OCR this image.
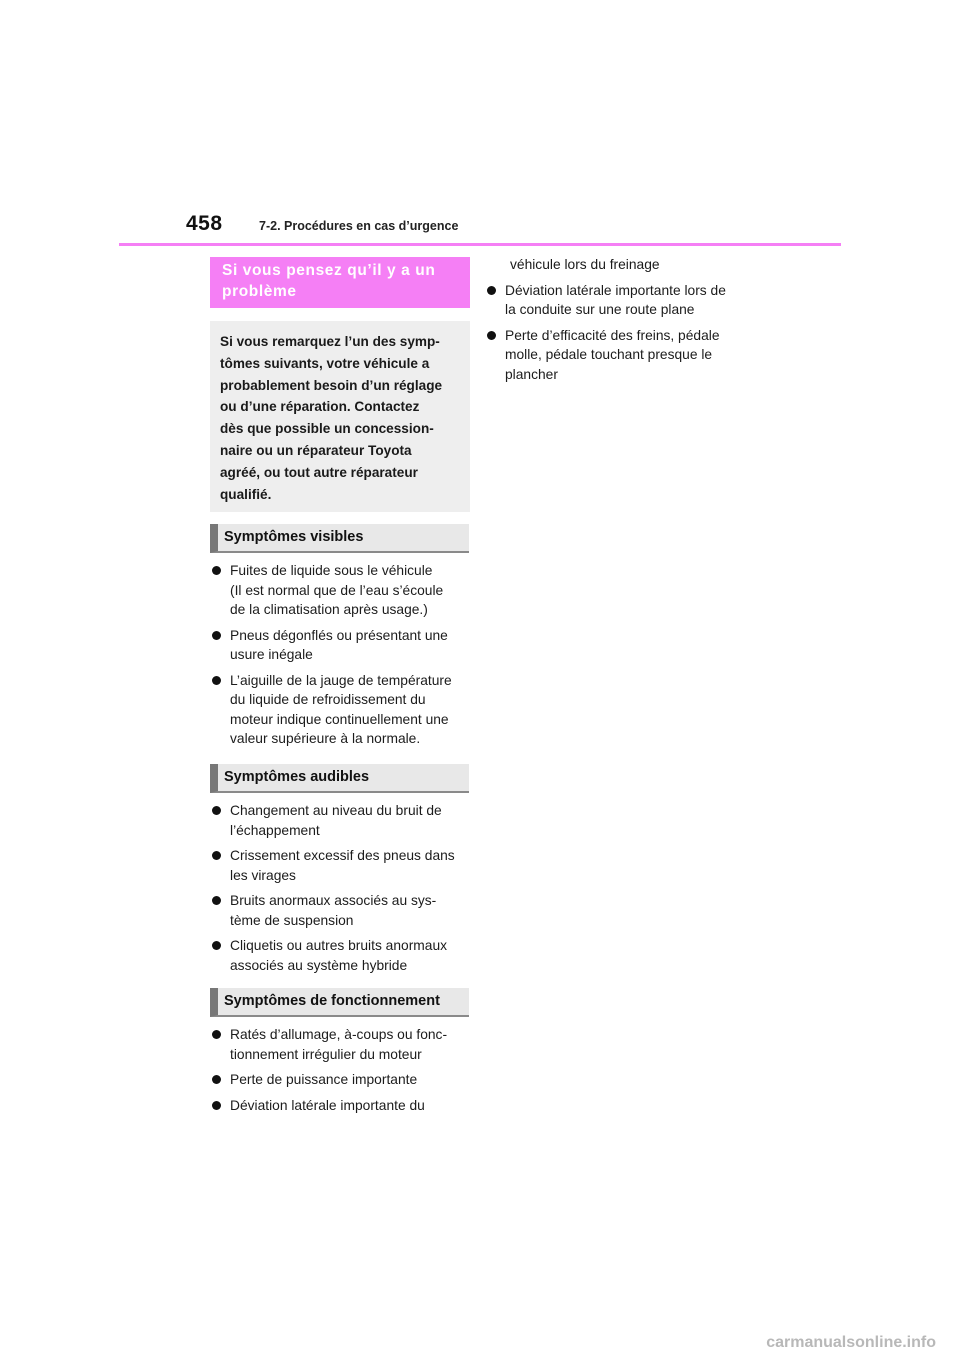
458	7-2. Procédures en cas d’urgence
Si vous pensez qu’il y a un
problème
Si vous remarquez l’un des symp-
tômes suivants, votre véhicule a
probablement besoin d’un réglage
ou d’une réparation. Contactez
dès que possible un concession-
naire ou un réparateur Toyota
agréé, ou tout autre réparateur
qualifié.
Symptômes visibles
Fuites de liquide sous le véhicule
(Il est normal que de l’eau s’écoule
de la climatisation après usage.)
Pneus dégonflés ou présentant une
usure inégale
L’aiguille de la jauge de température
du liquide de refroidissement du
moteur indique continuellement une
valeur supérieure à la normale.
Symptômes audibles
Changement au niveau du bruit de
l’échappement
Crissement excessif des pneus dans
les virages
Bruits anormaux associés au sys-
tème de suspension
Cliquetis ou autres bruits anormaux
associés au système hybride
Symptômes de fonctionnement
Ratés d’allumage, à-coups ou fonc-
tionnement irrégulier du moteur
Perte de puissance importante
Déviation latérale importante du
véhicule lors du freinage
Déviation latérale importante lors de
la conduite sur une route plane
Perte d’efficacité des freins, pédale
molle, pédale touchant presque le
plancher
carmanualsonline.info
